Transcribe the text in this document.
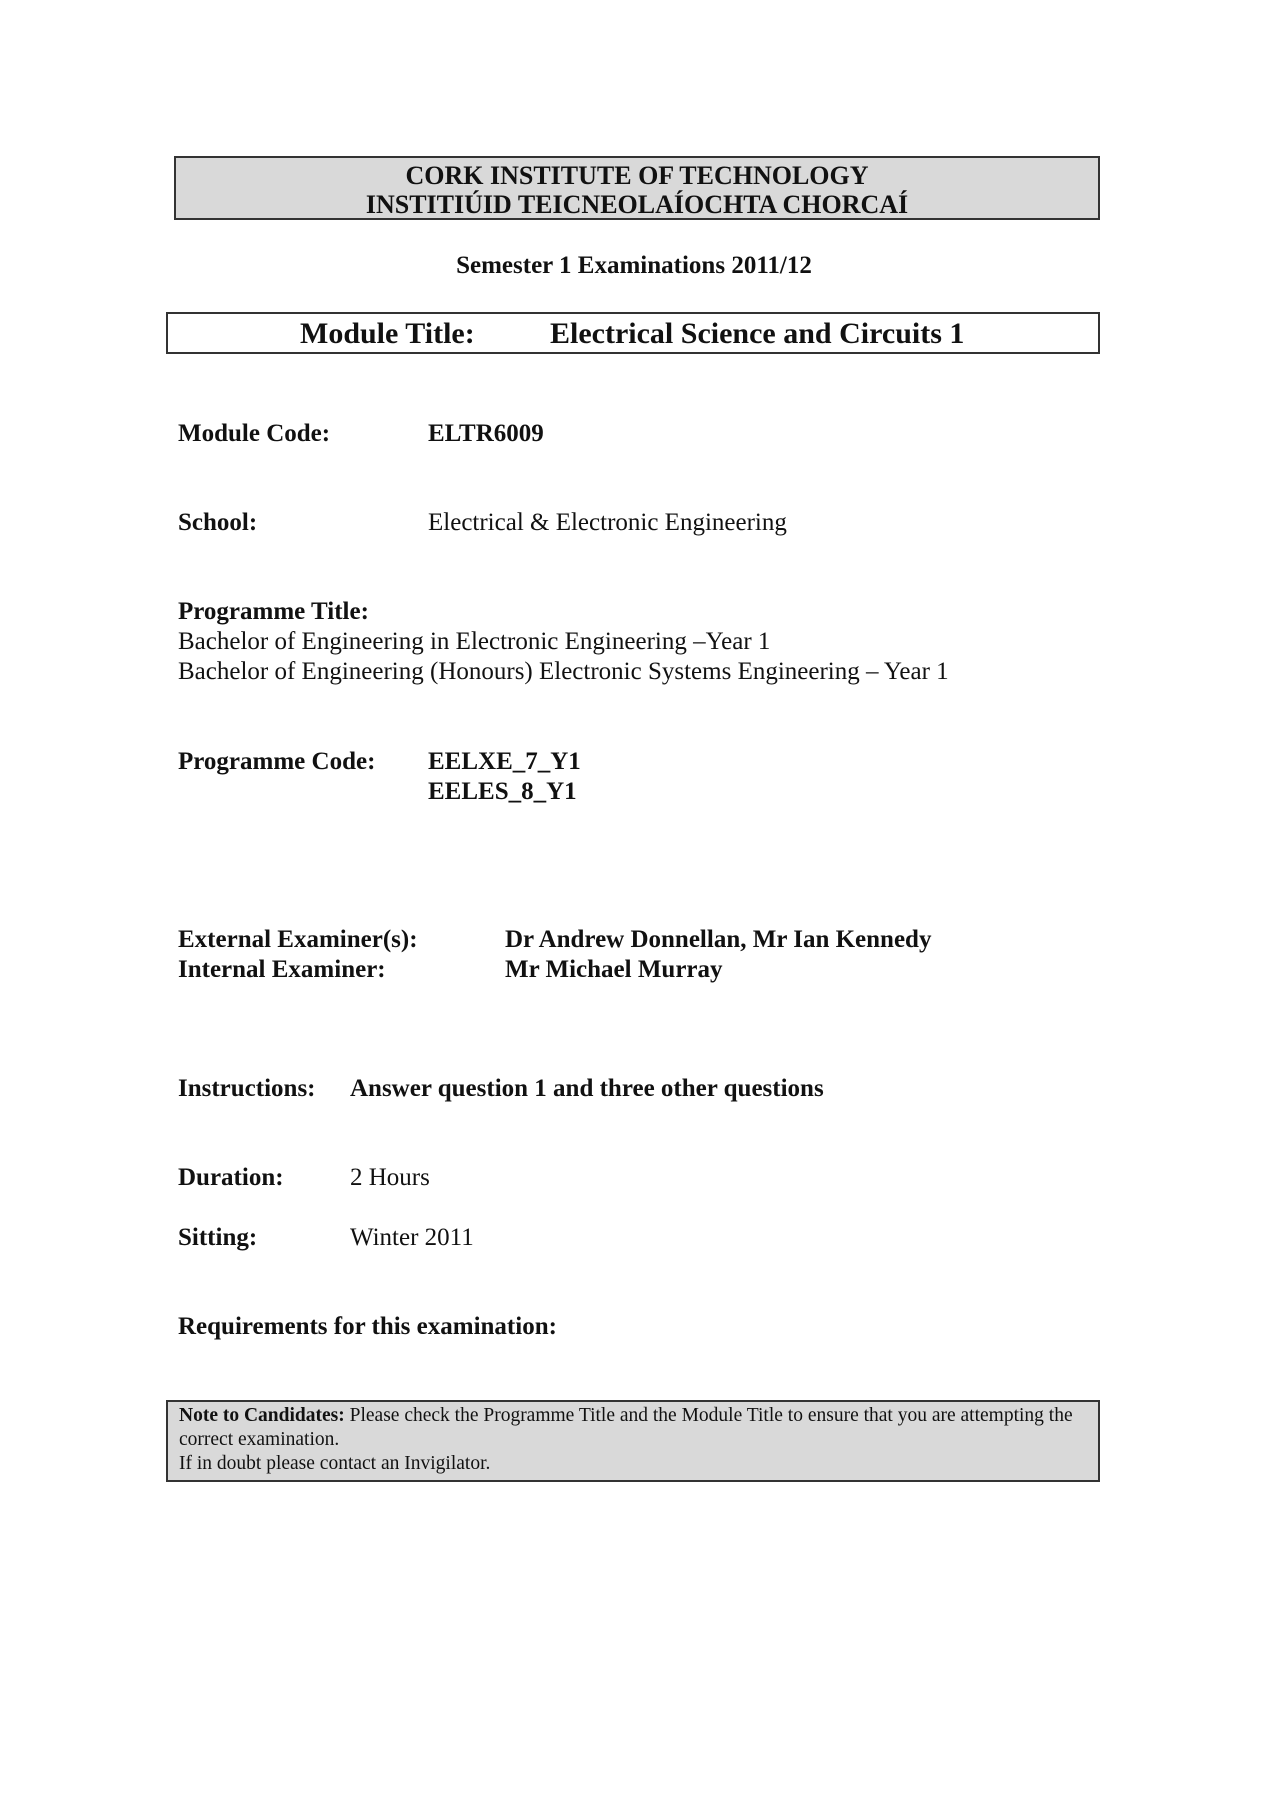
CORK INSTITUTE OF TECHNOLOGY
INSTITIÚID TEICNEOLAÍOCHTA CHORCAÍ
Semester 1 Examinations 2011/12
Module Title:	Electrical Science and Circuits 1
Module Code:	ELTR6009
School:	Electrical & Electronic Engineering
Programme Title:
Bachelor of Engineering in Electronic Engineering –Year 1
Bachelor of Engineering (Honours) Electronic Systems Engineering – Year 1
Programme Code: EELXE_7_Y1
EELES_8_Y1
External Examiner(s):	Dr Andrew Donnellan, Mr Ian Kennedy
Internal Examiner:	Mr Michael Murray
Instructions: Answer question 1 and three other questions
Duration:	2 Hours
Sitting:	Winter 2011
Requirements for this examination:
Note to Candidates: Please check the Programme Title and the Module Title to ensure that you are attempting the correct examination.
If in doubt please contact an Invigilator.
